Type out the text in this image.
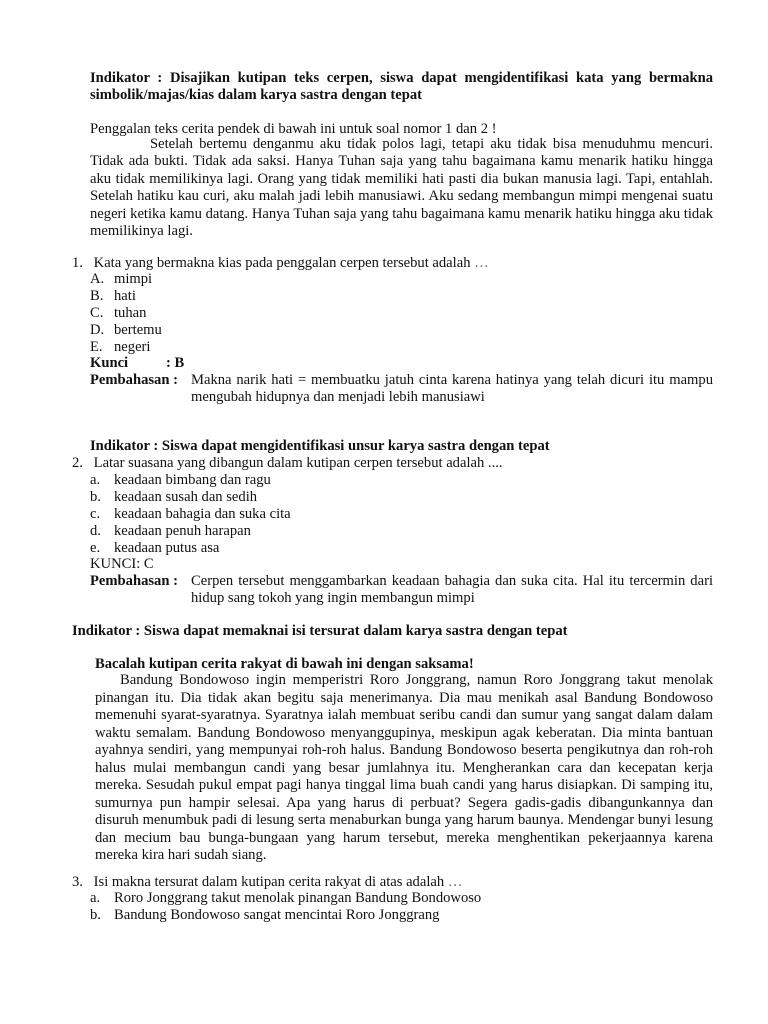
Indikator : Disajikan kutipan teks cerpen, siswa dapat mengidentifikasi kata yang bermakna
simbolik/majas/kias dalam karya sastra dengan tepat
Penggalan teks cerita pendek di bawah ini untuk soal nomor 1 dan 2 !
Setelah bertemu denganmu aku tidak polos lagi, tetapi aku tidak bisa menuduhmu mencuri. Tidak ada bukti. Tidak ada saksi. Hanya Tuhan saja yang tahu bagaimana kamu menarik hatiku hingga aku tidak memilikinya lagi. Orang yang tidak memiliki hati pasti dia bukan manusia lagi. Tapi, entahlah. Setelah hatiku kau curi, aku malah jadi lebih manusiawi. Aku sedang membangun mimpi mengenai suatu negeri ketika kamu datang. Hanya Tuhan saja yang tahu bagaimana kamu menarik hatiku hingga aku tidak memilikinya lagi.
1. Kata yang bermakna kias pada penggalan cerpen tersebut adalah …
A. mimpi
B. hati
C. tuhan
D. bertemu
E. negeri
Kunci	: B
Pembahasan : Makna narik hati = membuatku jatuh cinta karena hatinya yang telah dicuri itu mampu mengubah hidupnya dan menjadi lebih manusiawi
Indikator : Siswa dapat mengidentifikasi unsur karya sastra dengan tepat
2. Latar suasana yang dibangun dalam kutipan cerpen tersebut adalah ....
a. keadaan bimbang dan ragu
b. keadaan susah dan sedih
c. keadaan bahagia dan suka cita
d. keadaan penuh harapan
e. keadaan putus asa
KUNCI: C
Pembahasan : Cerpen tersebut menggambarkan keadaan bahagia dan suka cita. Hal itu tercermin dari hidup sang tokoh yang ingin membangun mimpi
Indikator : Siswa dapat memaknai isi tersurat dalam karya sastra dengan tepat
Bacalah kutipan cerita rakyat di bawah ini dengan saksama!
Bandung Bondowoso ingin memperistri Roro Jonggrang, namun Roro Jonggrang takut menolak pinangan itu. Dia tidak akan begitu saja menerimanya. Dia mau menikah asal Bandung Bondowoso memenuhi syarat-syaratnya. Syaratnya ialah membuat seribu candi dan sumur yang sangat dalam dalam waktu semalam. Bandung Bondowoso menyanggupinya, meskipun agak keberatan. Dia minta bantuan ayahnya sendiri, yang mempunyai roh-roh halus. Bandung Bondowoso beserta pengikutnya dan roh-roh halus mulai membangun candi yang besar jumlahnya itu. Mengherankan cara dan kecepatan kerja mereka. Sesudah pukul empat pagi hanya tinggal lima buah candi yang harus disiapkan. Di samping itu, sumurnya pun hampir selesai. Apa yang harus di perbuat? Segera gadis-gadis dibangunkannya dan disuruh menumbuk padi di lesung serta menaburkan bunga yang harum baunya. Mendengar bunyi lesung dan mecium bau bunga-bungaan yang harum tersebut, mereka menghentikan pekerjaannya karena mereka kira hari sudah siang.
3. Isi makna tersurat dalam kutipan cerita rakyat di atas adalah …
a. Roro Jonggrang takut menolak pinangan Bandung Bondowoso
b. Bandung Bondowoso sangat mencintai Roro Jonggrang
